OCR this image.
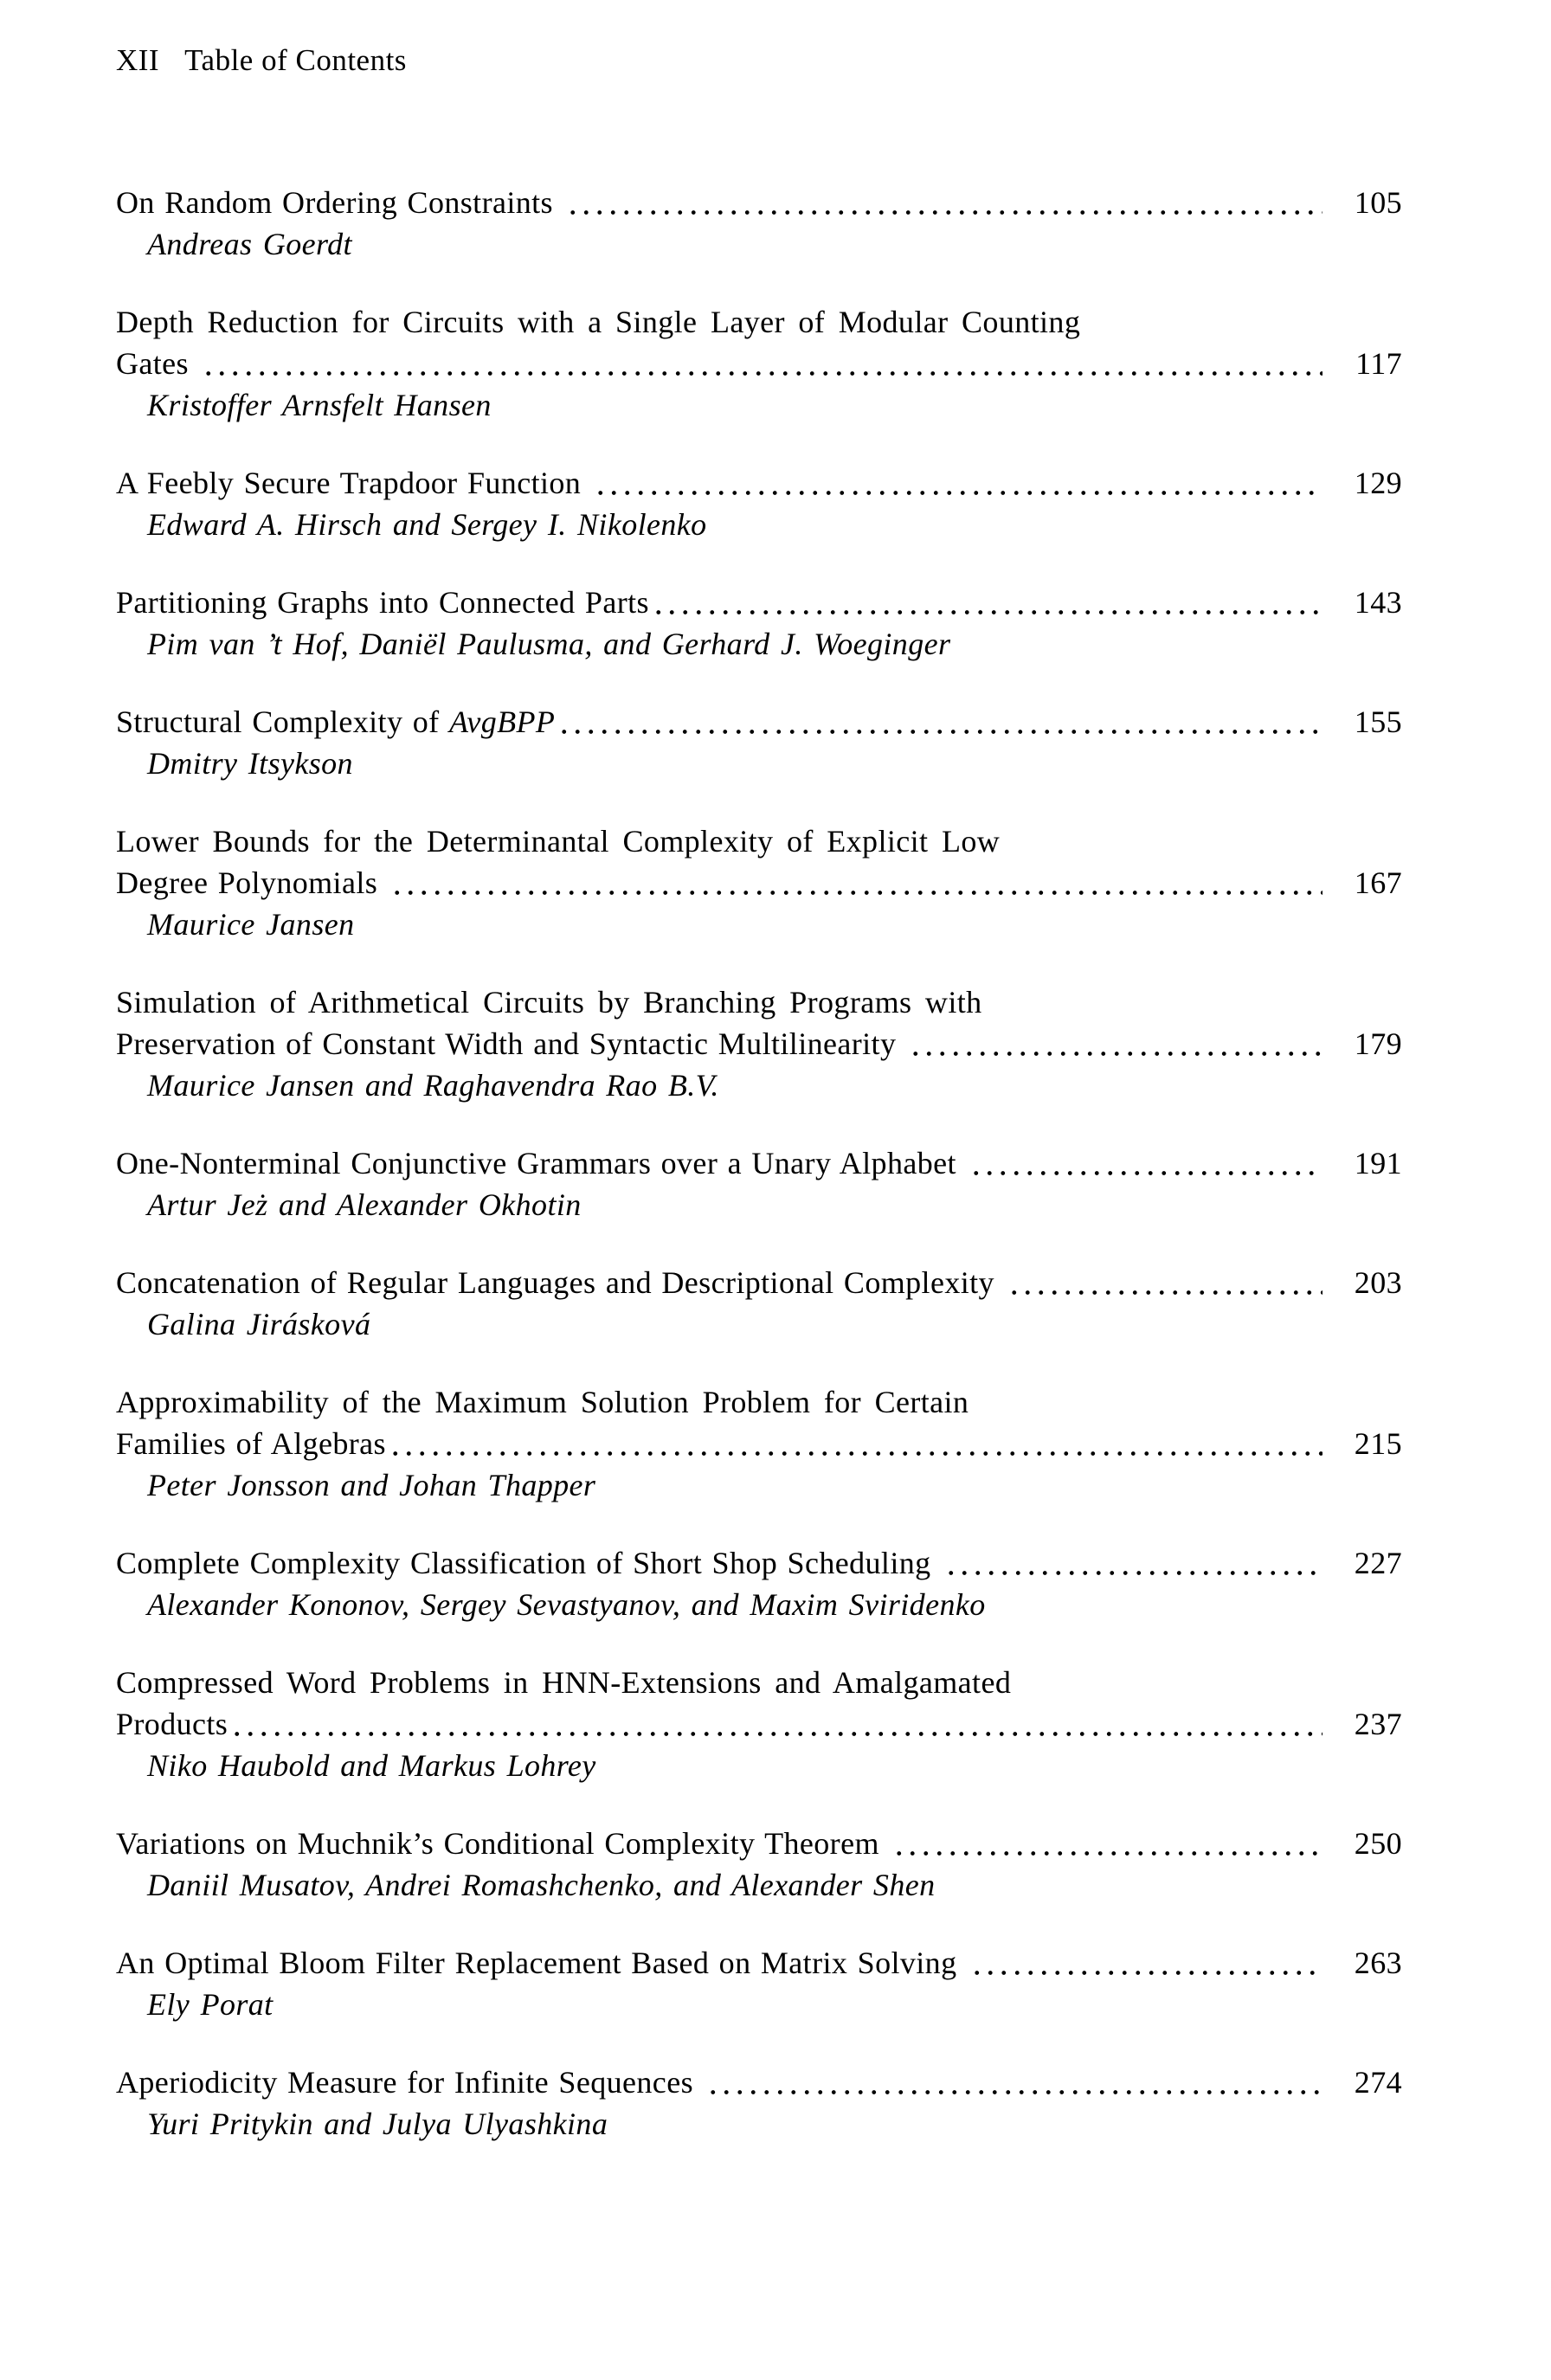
XII Table of Contents
On Random Ordering Constraints	105
Andreas Goerdt
Depth Reduction for Circuits with a Single Layer of Modular Counting
Gates	117
Kristoffer Arnsfelt Hansen
A Feebly Secure Trapdoor Function	129
Edward A. Hirsch and Sergey I. Nikolenko
Partitioning Graphs into Connected Parts	143
Pim van ’t Hof, Daniël Paulusma, and Gerhard J. Woeginger
Structural Complexity of AvgBPP	155
Dmitry Itsykson
Lower Bounds for the Determinantal Complexity of Explicit Low
Degree Polynomials	167
Maurice Jansen
Simulation of Arithmetical Circuits by Branching Programs with
Preservation of Constant Width and Syntactic Multilinearity	179
Maurice Jansen and Raghavendra Rao B.V.
One-Nonterminal Conjunctive Grammars over a Unary Alphabet	191
Artur Jeż and Alexander Okhotin
Concatenation of Regular Languages and Descriptional Complexity	203
Galina Jirásková
Approximability of the Maximum Solution Problem for Certain
Families of Algebras	215
Peter Jonsson and Johan Thapper
Complete Complexity Classification of Short Shop Scheduling	227
Alexander Kononov, Sergey Sevastyanov, and Maxim Sviridenko
Compressed Word Problems in HNN-Extensions and Amalgamated
Products	237
Niko Haubold and Markus Lohrey
Variations on Muchnik’s Conditional Complexity Theorem	250
Daniil Musatov, Andrei Romashchenko, and Alexander Shen
An Optimal Bloom Filter Replacement Based on Matrix Solving	263
Ely Porat
Aperiodicity Measure for Infinite Sequences	274
Yuri Pritykin and Julya Ulyashkina
